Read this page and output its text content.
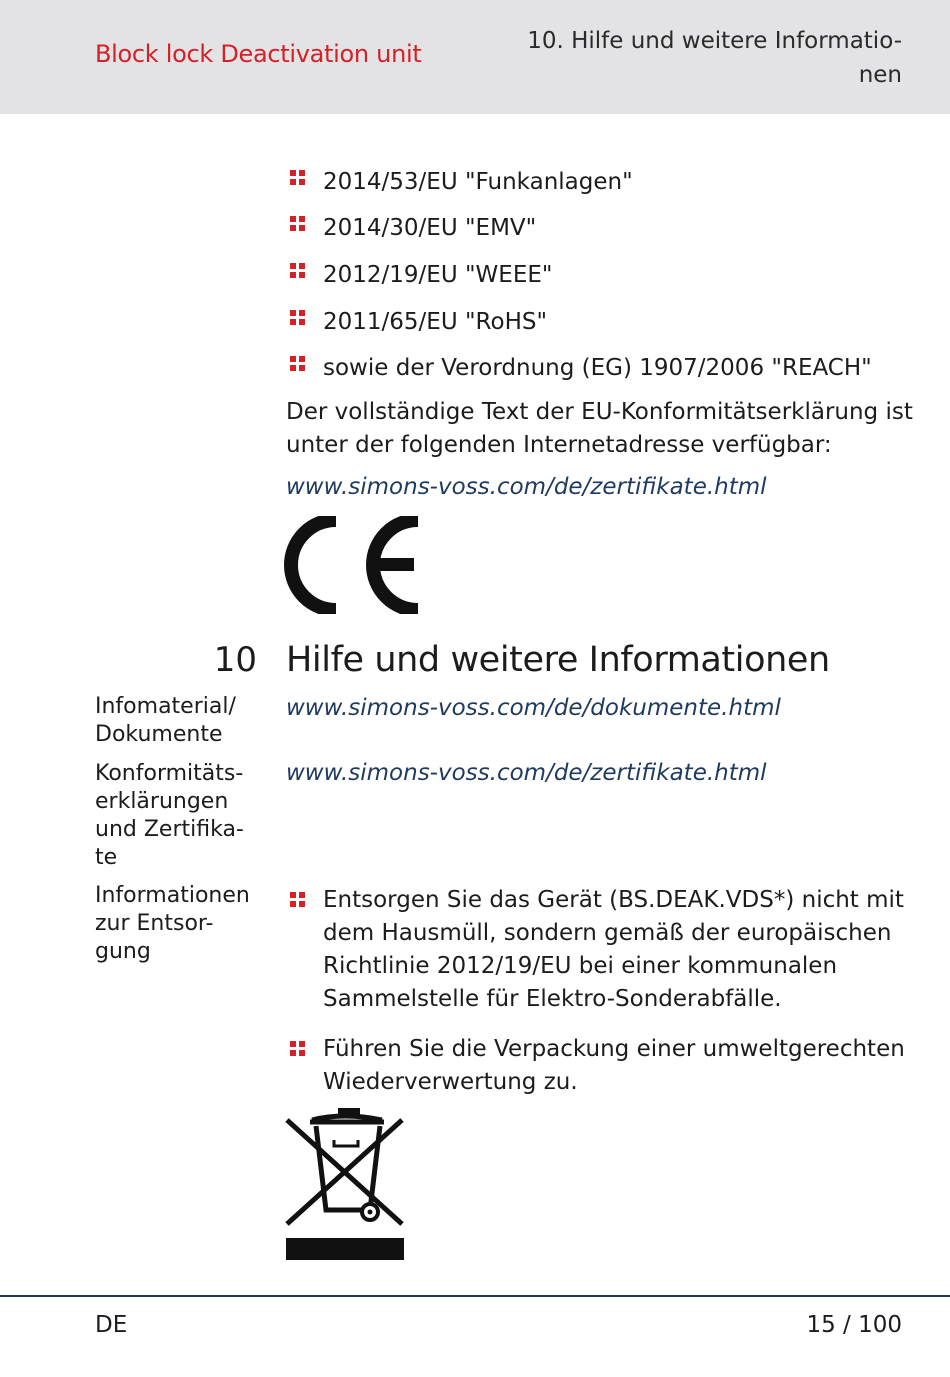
Block lock Deactivation unit	10. Hilfe und weitere Informatio-
nen
2014/53/EU "Funkanlagen"
2014/30/EU "EMV"
2012/19/EU "WEEE"
2011/65/EU "RoHS"
sowie der Verordnung (EG) 1907/2006 "REACH"
Der vollständige Text der EU-Konformitätserklärung ist
unter der folgenden Internetadresse verfügbar:
www.simons-voss.com/de/zertifikate.html
10 Hilfe und weitere Informationen
Infomaterial/
Dokumente
www.simons-voss.com/de/dokumente.html
Konformitäts-
erklärungen
und Zertifika-
te
www.simons-voss.com/de/zertifikate.html
Informationen
zur Entsor-
gung
Entsorgen Sie das Gerät (BS.DEAK.VDS*) nicht mit
dem Hausmüll, sondern gemäß der europäischen
Richtlinie 2012/19/EU bei einer kommunalen
Sammelstelle für Elektro-Sonderabfälle.
Führen Sie die Verpackung einer umweltgerechten
Wiederverwertung zu.
DE	15 / 100
